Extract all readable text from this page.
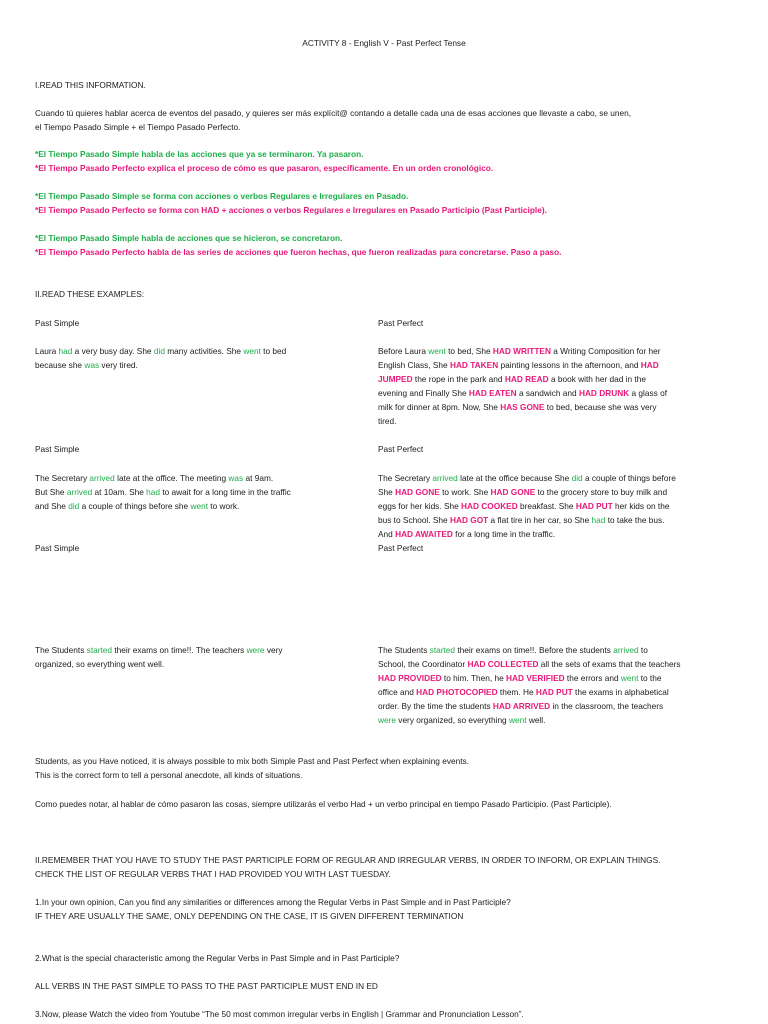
ACTIVITY 8 - English V - Past Perfect Tense
I.READ THIS INFORMATION.
Cuando tú quieres hablar acerca de eventos del pasado, y quieres ser más explícit@ contando a detalle cada una de esas acciones que llevaste a cabo, se unen,
el Tiempo Pasado Simple + el Tiempo Pasado Perfecto.
*El Tiempo Pasado Simple habla de las acciones que ya se terminaron. Ya pasaron.
*El Tiempo Pasado Perfecto explica el proceso de cómo es que pasaron, específicamente. En un orden cronológico.
*El Tiempo Pasado Simple se forma con acciones o verbos Regulares e Irregulares en Pasado.
*El Tiempo Pasado Perfecto se forma con HAD + acciones o verbos Regulares e Irregulares en Pasado Participio (Past Participle).
*El Tiempo Pasado Simple habla de acciones que se hicieron, se concretaron.
*El Tiempo Pasado Perfecto habla de las series de acciones que fueron hechas, que fueron realizadas para concretarse. Paso a paso.
II.READ THESE EXAMPLES:
Past Simple	Past Perfect
Laura had a very busy day. She did many activities. She went to bed
because she was very tired.
Before Laura went to bed, She HAD WRITTEN a Writing Composition for her
English Class, She HAD TAKEN painting lessons in the afternoon, and HAD
JUMPED the rope in the park and HAD READ a book with her dad in the
evening and Finally She HAD EATEN a sandwich and HAD DRUNK a glass of
milk for dinner at 8pm. Now, She HAS GONE to bed, because she was very
tired.
Past Simple	Past Perfect
The Secretary arrived late at the office. The meeting was at 9am.
But She arrived at 10am. She had to await for a long time in the traffic
and She did a couple of things before she went to work.
The Secretary arrived late at the office because She did a couple of things before
She HAD GONE to work. She HAD GONE to the grocery store to buy milk and
eggs for her kids. She HAD COOKED breakfast. She HAD PUT her kids on the
bus to School. She HAD GOT a flat tire in her car, so She had to take the bus.
And HAD AWAITED for a long time in the traffic.
Past Simple	Past Perfect
The Students started their exams on time!!. The teachers were very
organized, so everything went well.
The Students started their exams on time!!. Before the students arrived to
School, the Coordinator HAD COLLECTED all the sets of exams that the teachers
HAD PROVIDED to him. Then, he HAD VERIFIED the errors and went to the
office and HAD PHOTOCOPIED them. He HAD PUT the exams in alphabetical
order. By the time the students HAD ARRIVED in the classroom, the teachers
were very organized, so everything went well.
Students, as you Have noticed, it is always possible to mix both Simple Past and Past Perfect when explaining events.
This is the correct form to tell a personal anecdote, all kinds of situations.
Como puedes notar, al hablar de cómo pasaron las cosas, siempre utilizarás el verbo Had + un verbo principal en tiempo Pasado Participio. (Past Participle).
II.REMEMBER THAT YOU HAVE TO STUDY THE PAST PARTICIPLE FORM OF REGULAR AND IRREGULAR VERBS, IN ORDER TO INFORM, OR EXPLAIN THINGS.
CHECK THE LIST OF REGULAR VERBS THAT I HAD PROVIDED YOU WITH LAST TUESDAY.
1.In your own opinion, Can you find any similarities or differences among the Regular Verbs in Past Simple and in Past Participle?
IF THEY ARE USUALLY THE SAME, ONLY DEPENDING ON THE CASE, IT IS GIVEN DIFFERENT TERMINATION
2.What is the special characteristic among the Regular Verbs in Past Simple and in Past Participle?
ALL VERBS IN THE PAST SIMPLE TO PASS TO THE PAST PARTICIPLE MUST END IN ED
3.Now, please Watch the video from Youtube “The 50 most common irregular verbs in English | Grammar and Pronunciation Lesson”.
